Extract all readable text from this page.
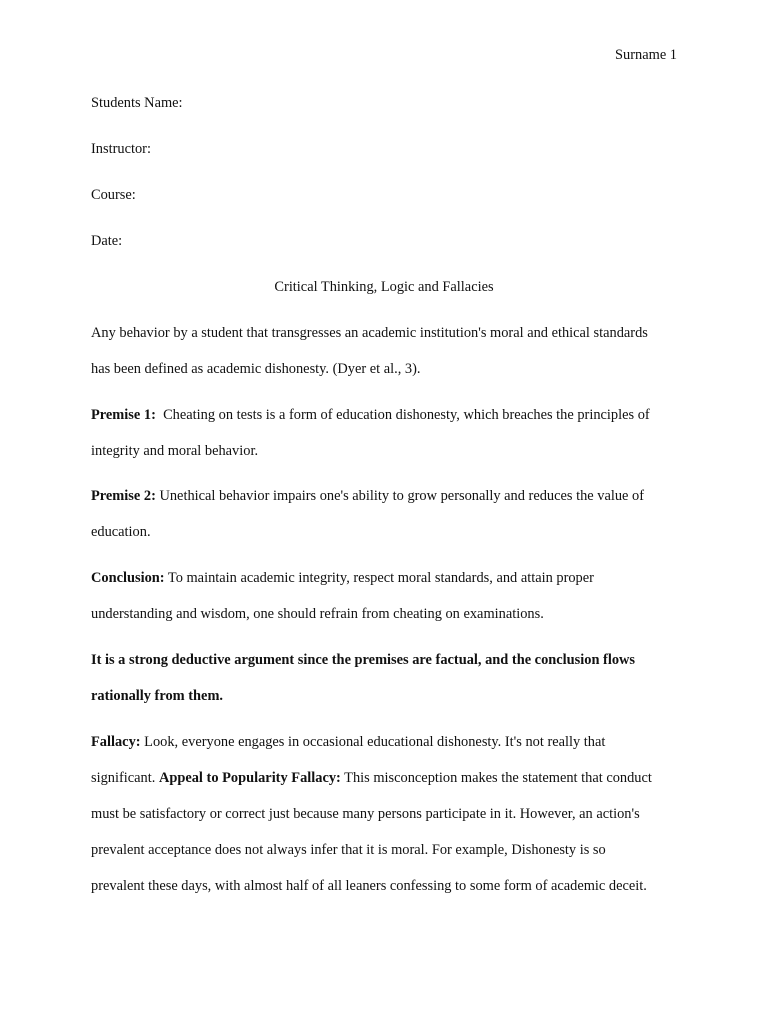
Surname 1
Students Name:
Instructor:
Course:
Date:
Critical Thinking, Logic and Fallacies
Any behavior by a student that transgresses an academic institution's moral and ethical standards
has been defined as academic dishonesty. (Dyer et al., 3).
Premise 1:  Cheating on tests is a form of education dishonesty, which breaches the principles of
integrity and moral behavior.
Premise 2: Unethical behavior impairs one's ability to grow personally and reduces the value of
education.
Conclusion: To maintain academic integrity, respect moral standards, and attain proper
understanding and wisdom, one should refrain from cheating on examinations.
It is a strong deductive argument since the premises are factual, and the conclusion flows
rationally from them.
Fallacy: Look, everyone engages in occasional educational dishonesty. It's not really that
significant. Appeal to Popularity Fallacy: This misconception makes the statement that conduct
must be satisfactory or correct just because many persons participate in it. However, an action's
prevalent acceptance does not always infer that it is moral. For example, Dishonesty is so
prevalent these days, with almost half of all leaners confessing to some form of academic deceit.
